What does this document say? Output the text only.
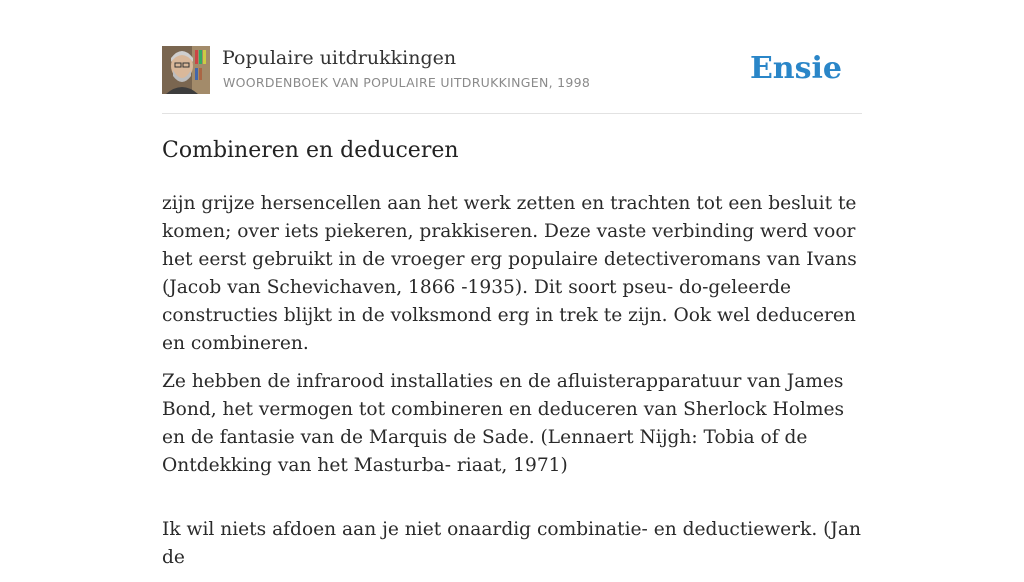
Populaire uitdrukkingen
WOORDENBOEK VAN POPULAIRE UITDRUKKINGEN, 1998	Ensie
Combineren en deduceren

zijn grijze hersencellen aan het werk zetten en trachten tot een besluit te komen; over iets piekeren, prakkiseren. Deze vaste verbinding werd voor het eerst gebruikt in de vroeger erg populaire detectiveromans van Ivans (Jacob van Schevichaven, 1866 -1935). Dit soort pseu- do-geleerde constructies blijkt in de volksmond erg in trek te zijn. Ook wel deduceren en combineren.

Ze hebben de infrarood installaties en de afluisterapparatuur van James Bond, het vermogen tot combineren en deduceren van Sherlock Holmes en de fantasie van de Marquis de Sade. (Lennaert Nijgh: Tobia of de Ontdekking van het Masturba- riaat, 1971)

Ik wil niets afdoen aan je niet onaardig combinatie- en deductiewerk. (Jan de
